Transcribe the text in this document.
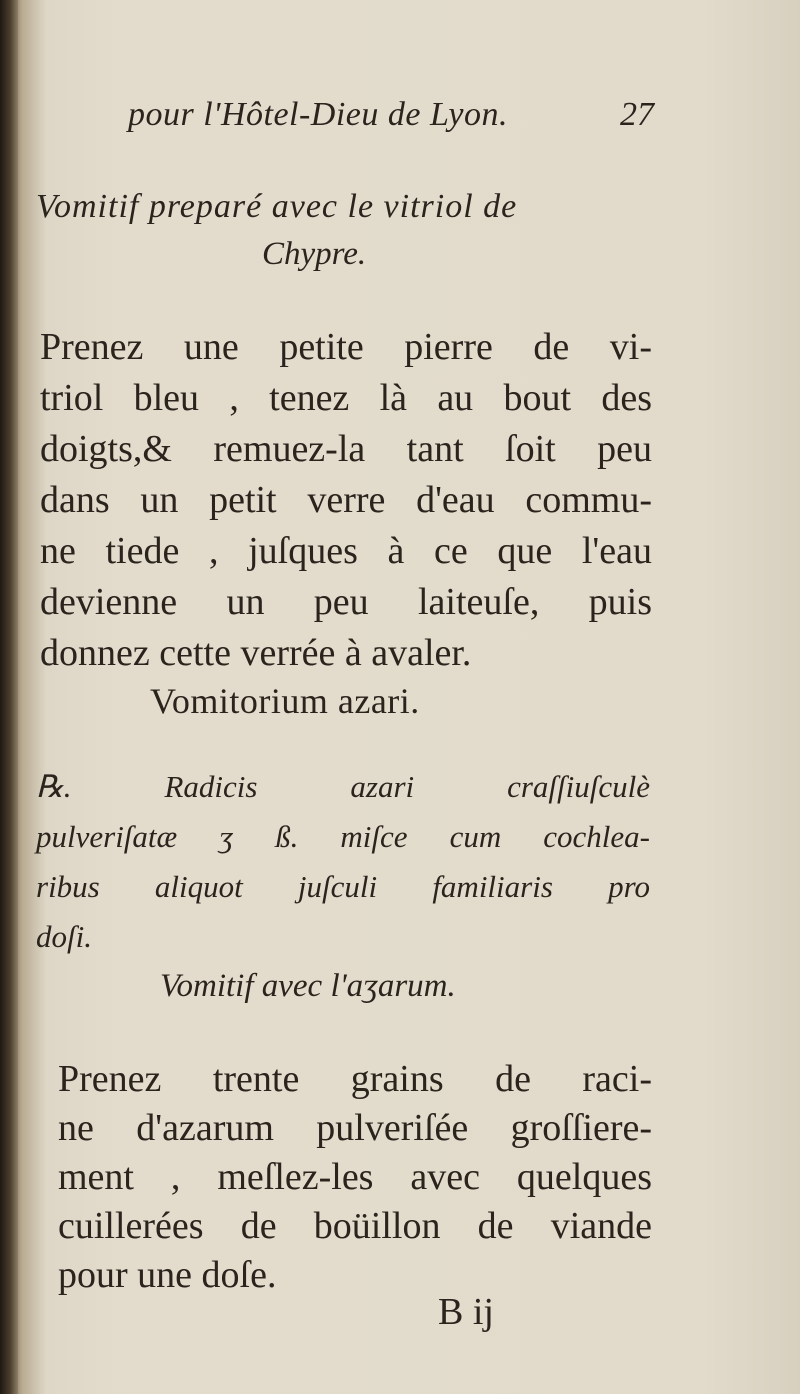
pour l'Hôtel-Dieu de Lyon.	27
Vomitif preparé avec le vitriol de
Chypre.
Prenez une petite pierre de vi-
triol bleu , tenez là au bout des
doigts,& remuez-la tant ſoit peu
dans un petit verre d'eau commu-
ne tiede , juſques à ce que l'eau
devienne un peu laiteuſe, puis
donnez cette verrée à avaler.
Vomitorium azari.
℞. Radicis azari craſſiuſculè
pulveriſatæ ʒ ß. miſce cum cochlea-
ribus aliquot juſculi familiaris pro
doſi.
Vomitif avec l'aʒarum.
Prenez trente grains de raci-
ne d'azarum pulveriſée groſſiere-
ment , meſlez-les avec quelques
cuillerées de boüillon de viande
pour une doſe.
B ij
